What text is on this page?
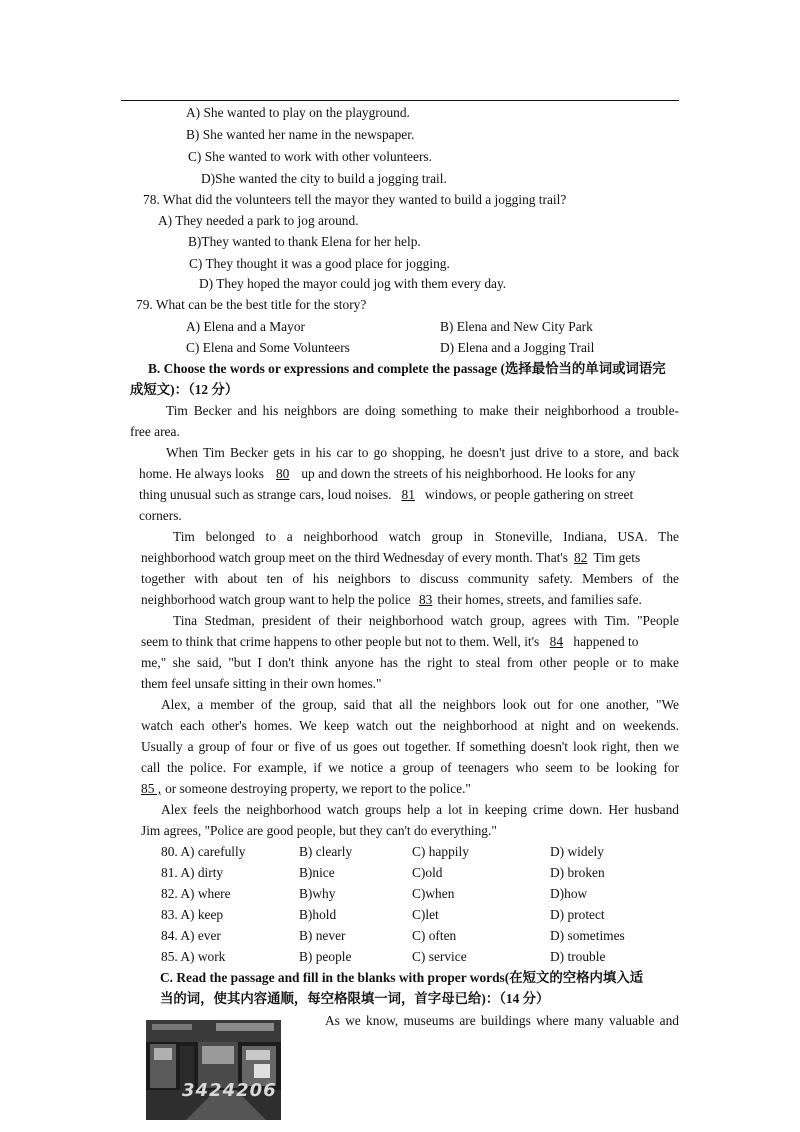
A) She wanted to play on the playground.
B) She wanted her name in the newspaper.
C) She wanted to work with other volunteers.
D)She wanted the city to build a jogging trail.
78. What did the volunteers tell the mayor they wanted to build a jogging trail?
A) They needed a park to jog around.
B)They wanted to thank Elena for her help.
C) They thought it was a good place for jogging.
D) They hoped the mayor could jog with them every day.
79. What can be the best title for the story?
A) Elena and a Mayor	B) Elena and New City Park
C) Elena and Some Volunteers	D) Elena and a Jogging Trail
B. Choose the words or expressions and complete the passage (选择最恰当的单词或词语完
成短文)：（12 分）
Tim Becker and his neighbors are doing something to make their neighborhood a trouble-
free area.
When Tim Becker gets in his car to go shopping, he doesn't just drive to a store, and back
home. He always looks 80 up and down the streets of his neighborhood. He looks for any
thing unusual such as strange cars, loud noises. 81 windows, or people gathering on street
corners.
Tim belonged to a neighborhood watch group in Stoneville, Indiana, USA. The
neighborhood watch group meet on the third Wednesday of every month. That's 82 Tim gets
together with about ten of his neighbors to discuss community safety. Members of the
neighborhood watch group want to help the police 83 their homes, streets, and families safe.
Tina Stedman, president of their neighborhood watch group, agrees with Tim. "People
seem to think that crime happens to other people but not to them. Well, it's 84 happened to
me," she said, "but I don't think anyone has the right to steal from other people or to make
them feel unsafe sitting in their own homes."
Alex, a member of the group, said that all the neighbors look out for one another, "We
watch each other's homes. We keep watch out the neighborhood at night and on weekends.
Usually a group of four or five of us goes out together. If something doesn't look right, then we
call the police. For example, if we notice a group of teenagers who seem to be looking for
85 , or someone destroying property, we report to the police."
Alex feels the neighborhood watch groups help a lot in keeping crime down. Her husband
Jim agrees, "Police are good people, but they can't do everything."
80. A) carefully	B) clearly	C) happily	D) widely
81. A) dirty	B)nice	C)old	D) broken
82. A) where	B)why	C)when	D)how
83. A) keep	B)hold	C)let	D) protect
84. A) ever	B) never	C) often	D) sometimes
85. A) work	B) people	C) service	D) trouble
C. Read the passage and fill in the blanks with proper words(在短文的空格内填入适
当的词，使其内容通顺，每空格限填一词，首字母已给)：（14 分）
As we know, museums are buildings where many valuable and
3424206
